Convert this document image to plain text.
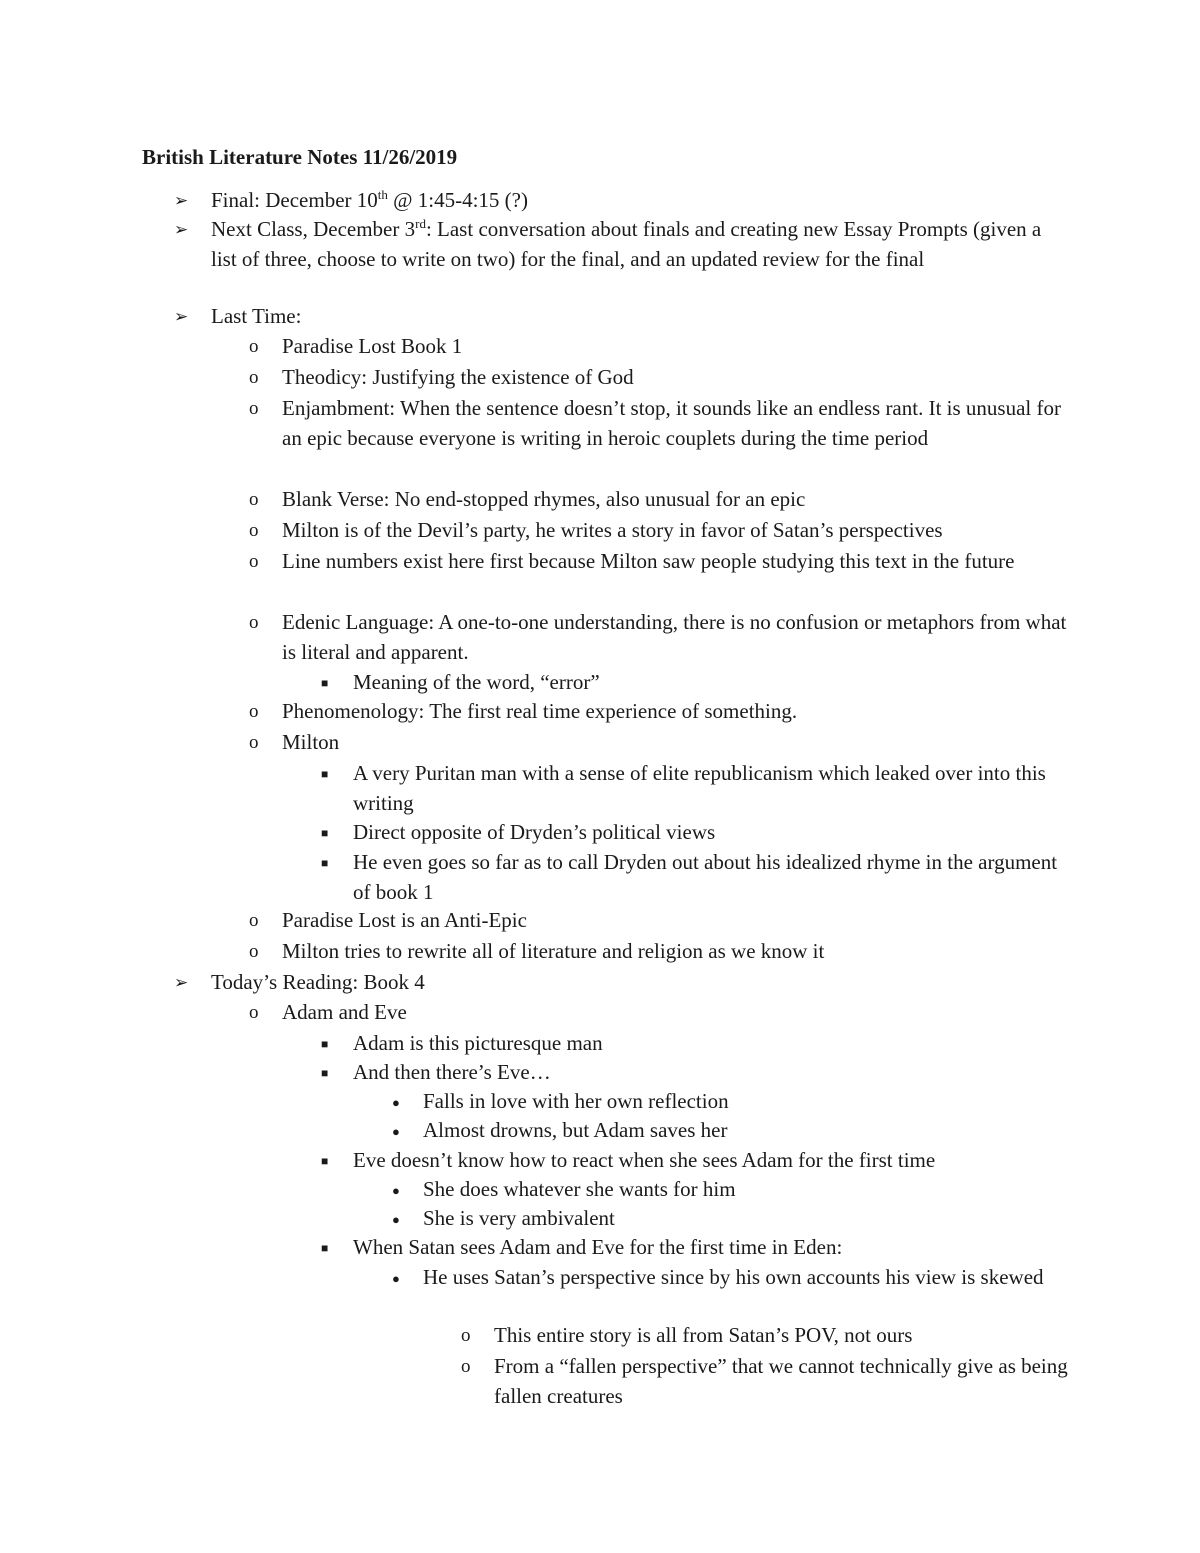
British Literature Notes 11/26/2019
➢ Final: December 10th @ 1:45-4:15 (?)
➢ Next Class, December 3rd: Last conversation about finals and creating new Essay Prompts (given a list of three, choose to write on two) for the final, and an updated review for the final
➢ Last Time:
o Paradise Lost Book 1
o Theodicy: Justifying the existence of God
o Enjambment: When the sentence doesn’t stop, it sounds like an endless rant. It is unusual for an epic because everyone is writing in heroic couplets during the time period
o Blank Verse: No end-stopped rhymes, also unusual for an epic
o Milton is of the Devil’s party, he writes a story in favor of Satan’s perspectives
o Line numbers exist here first because Milton saw people studying this text in the future
o Edenic Language: A one-to-one understanding, there is no confusion or metaphors from what is literal and apparent.
■ Meaning of the word, “error”
o Phenomenology: The first real time experience of something.
o Milton
■ A very Puritan man with a sense of elite republicanism which leaked over into this writing
■ Direct opposite of Dryden’s political views
■ He even goes so far as to call Dryden out about his idealized rhyme in the argument of book 1
o Paradise Lost is an Anti-Epic
o Milton tries to rewrite all of literature and religion as we know it
➢ Today’s Reading: Book 4
o Adam and Eve
■ Adam is this picturesque man
■ And then there’s Eve…
● Falls in love with her own reflection
● Almost drowns, but Adam saves her
■ Eve doesn’t know how to react when she sees Adam for the first time
● She does whatever she wants for him
● She is very ambivalent
■ When Satan sees Adam and Eve for the first time in Eden:
● He uses Satan’s perspective since by his own accounts his view is skewed
o This entire story is all from Satan’s POV, not ours
o From a “fallen perspective” that we cannot technically give as being fallen creatures
